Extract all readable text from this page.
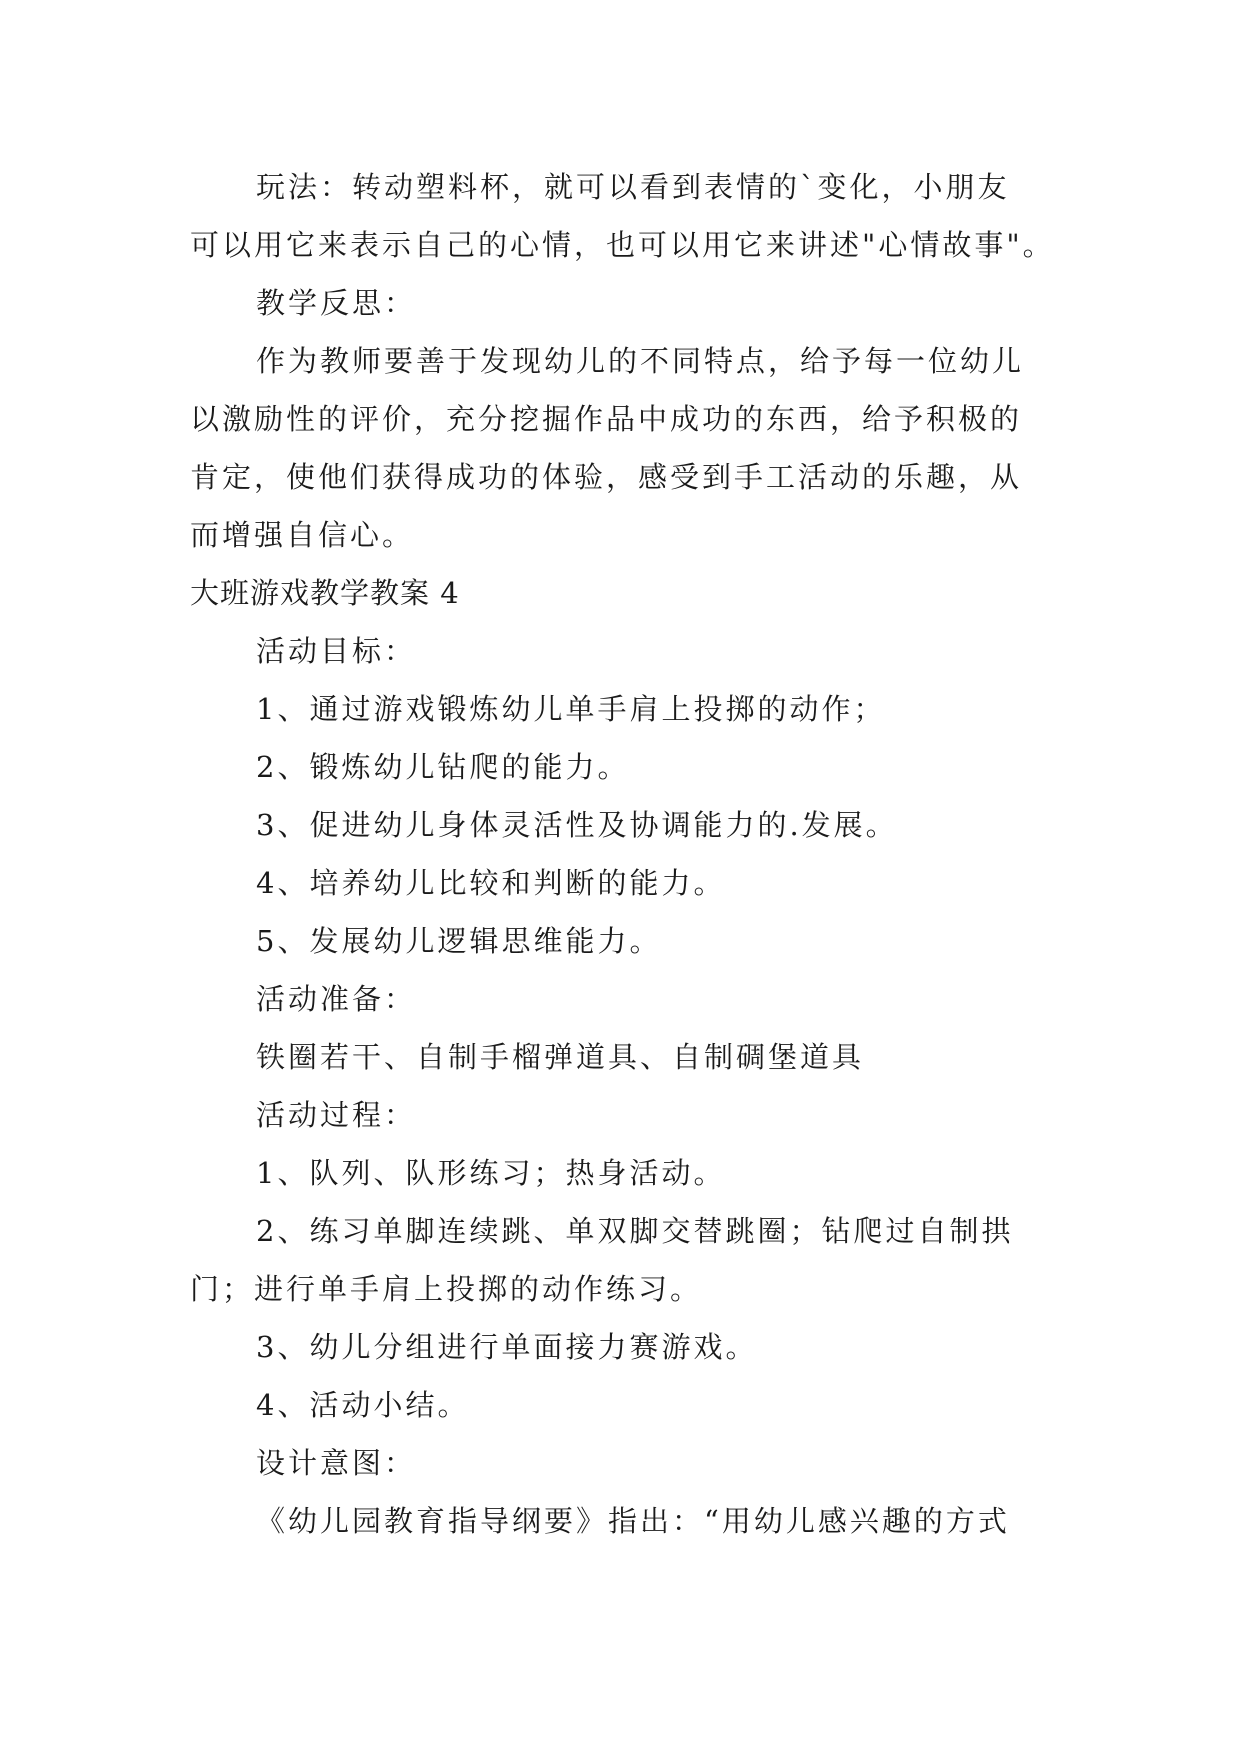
玩法：转动塑料杯，就可以看到表情的`变化，小朋友
可以用它来表示自己的心情，也可以用它来讲述"心情故事"。
教学反思：
作为教师要善于发现幼儿的不同特点，给予每一位幼儿
以激励性的评价，充分挖掘作品中成功的东西，给予积极的
肯定，使他们获得成功的体验，感受到手工活动的乐趣，从
而增强自信心。
大班游戏教学教案 4
活动目标：
1、通过游戏锻炼幼儿单手肩上投掷的动作；
2、锻炼幼儿钻爬的能力。
3、促进幼儿身体灵活性及协调能力的.发展。
4、培养幼儿比较和判断的能力。
5、发展幼儿逻辑思维能力。
活动准备：
铁圈若干、自制手榴弹道具、自制碉堡道具
活动过程：
1、队列、队形练习；热身活动。
2、练习单脚连续跳、单双脚交替跳圈；钻爬过自制拱
门；进行单手肩上投掷的动作练习。
3、幼儿分组进行单面接力赛游戏。
4、活动小结。
设计意图：
《幼儿园教育指导纲要》指出：“用幼儿感兴趣的方式
